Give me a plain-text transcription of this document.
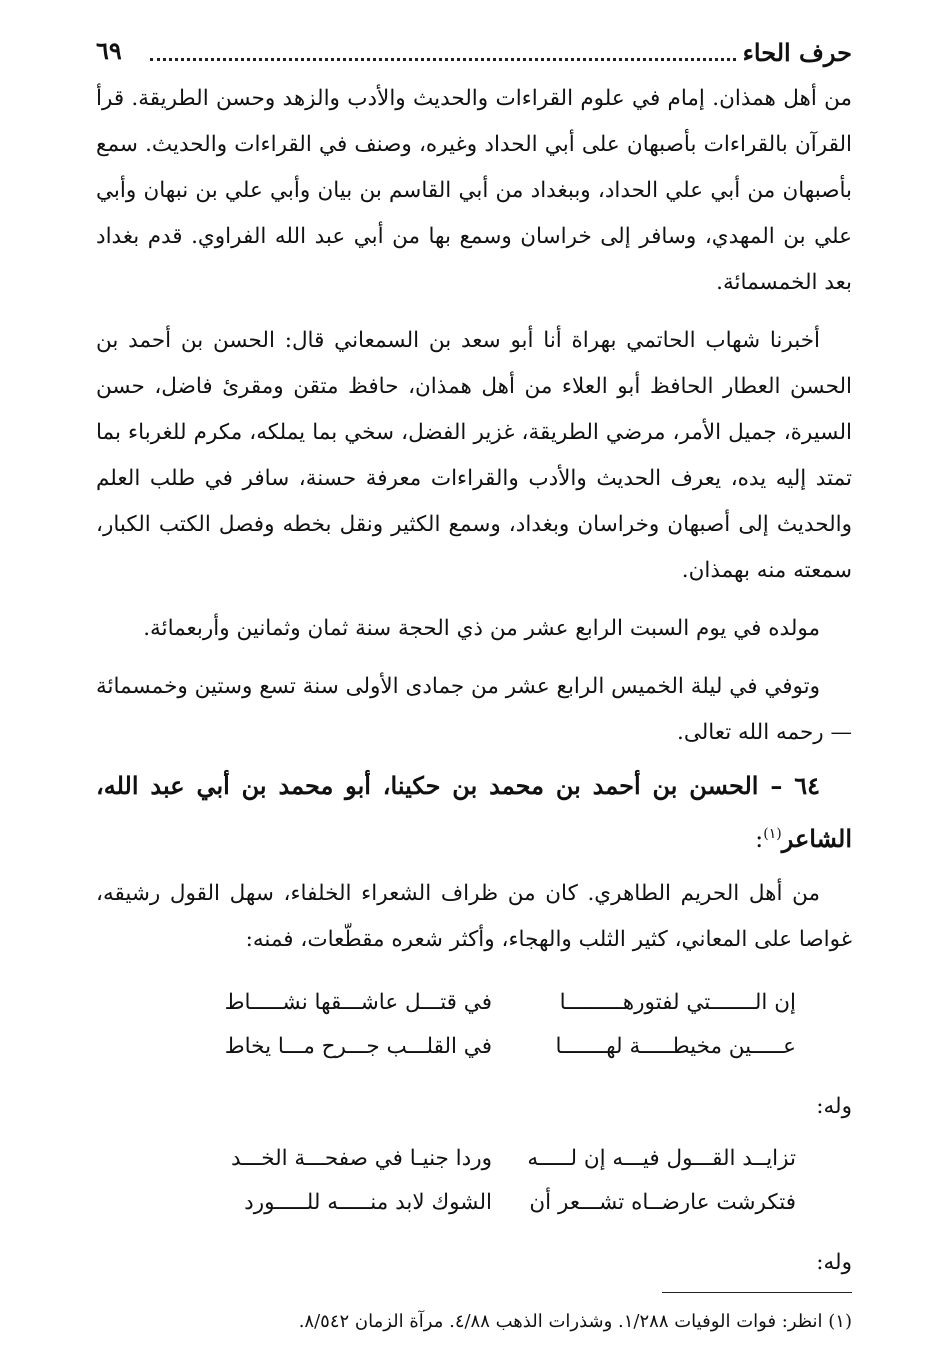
حرف الحاء
٦٩

من أهل همذان. إمام في علوم القراءات والحديث والأدب والزهد وحسن الطريقة. قرأ القرآن بالقراءات بأصبهان على أبي الحداد وغيره، وصنف في القراءات والحديث. سمع بأصبهان من أبي علي الحداد، وببغداد من أبي القاسم بن بيان وأبي علي بن نبهان وأبي علي بن المهدي، وسافر إلى خراسان وسمع بها من أبي عبد الله الفراوي. قدم بغداد بعد الخمسمائة.

أخبرنا شهاب الحاتمي بهراة أنا أبو سعد بن السمعاني قال: الحسن بن أحمد بن الحسن العطار الحافظ أبو العلاء من أهل همذان، حافظ متقن ومقرئ فاضل، حسن السيرة، جميل الأمر، مرضي الطريقة، غزير الفضل، سخي بما يملكه، مكرم للغرباء بما تمتد إليه يده، يعرف الحديث والأدب والقراءات معرفة حسنة، سافر في طلب العلم والحديث إلى أصبهان وخراسان وبغداد، وسمع الكثير ونقل بخطه وفصل الكتب الكبار، سمعته منه بهمذان.

مولده في يوم السبت الرابع عشر من ذي الحجة سنة ثمان وثمانين وأربعمائة.

وتوفي في ليلة الخميس الرابع عشر من جمادى الأولى سنة تسع وستين وخمسمائة — رحمه الله تعالى.

٦٤ – الحسن بن أحمد بن محمد بن حكينا، أبو محمد بن أبي عبد الله، الشاعر$^{(١)}$:

من أهل الحريم الطاهري. كان من ظراف الشعراء الخلفاء، سهل القول رشيقه، غواصا على المعاني، كثير الثلب والهجاء، وأكثر شعره مقطّعات، فمنه:

إن الـــــــتي لفتورهـــــــــا
في قتـــل عاشـــقها نشـــــاط
عـــــين مخيطـــــة لهـــــــا
في القلـــب جـــرح مـــا يخاط
وله:
تزايــد القـــول فيـــه إن لـــــه
وردا جنيـا في صفحـــة الخـــد
فتكرشت عارضــاه تشـــعر أن
الشوك لابد منـــــه للـــــورد
وله:
(١) انظر: فوات الوفيات ١/٢٨٨. وشذرات الذهب ٤/٨٨. مرآة الزمان ٨/٥٤٢.
